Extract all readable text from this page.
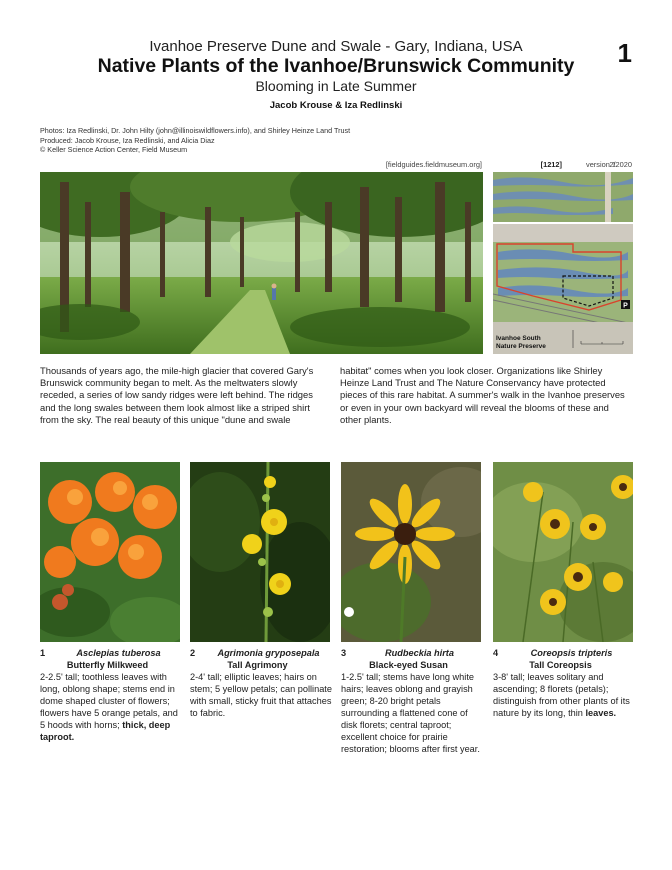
1
Ivanhoe Preserve Dune and Swale - Gary, Indiana, USA
Native Plants of the Ivanhoe/Brunswick Community
Blooming in Late Summer
Jacob Krouse & Iza Redlinski
Photos: Iza Redlinski, Dr. John Hilty (john@illinoiswildflowers.info), and Shirley Heinze Land Trust
Produced: Jacob Krouse, Iza Redlinski, and Alicia Diaz
© Keller Science Action Center, Field Museum
[fieldguides.fieldmuseum.org]	[1212]	version 1
2/2020
P
Ivanhoe South
Nature Preserve
Thousands of years ago, the mile-high glacier that covered Gary's Brunswick community began to melt. As the meltwaters slowly receded, a series of low sandy ridges were left behind. The ridges and the long swales between them look almost like a striped shirt from the sky. The real beauty of this unique "dune and swale
habitat" comes when you look closer. Organizations like Shirley Heinze Land Trust and The Nature Conservancy have protected pieces of this rare habitat. A summer's walk in the Ivanhoe preserves or even in your own backyard will reveal the blooms of these and other plants.
1	Asclepias tuberosa
Butterfly Milkweed
2-2.5' tall; toothless leaves with long, oblong shape; stems end in dome shaped cluster of flowers; flowers have 5 orange petals, and 5 hoods with horns; thick, deep taproot.
2	Agrimonia gryposepala
Tall Agrimony
2-4' tall; elliptic leaves; hairs on stem; 5 yellow petals; can pollinate with small, sticky fruit that attaches to fabric.
3	Rudbeckia hirta
Black-eyed Susan
1-2.5' tall; stems have long white hairs; leaves oblong and grayish green; 8-20 bright petals surrounding a flattened cone of disk florets; central taproot; excellent choice for prairie restoration; blooms after first year.
4	Coreopsis tripteris
Tall Coreopsis
3-8' tall; leaves solitary and ascending; 8 florets (petals); distinguish from other plants of its nature by its long, thin leaves.
